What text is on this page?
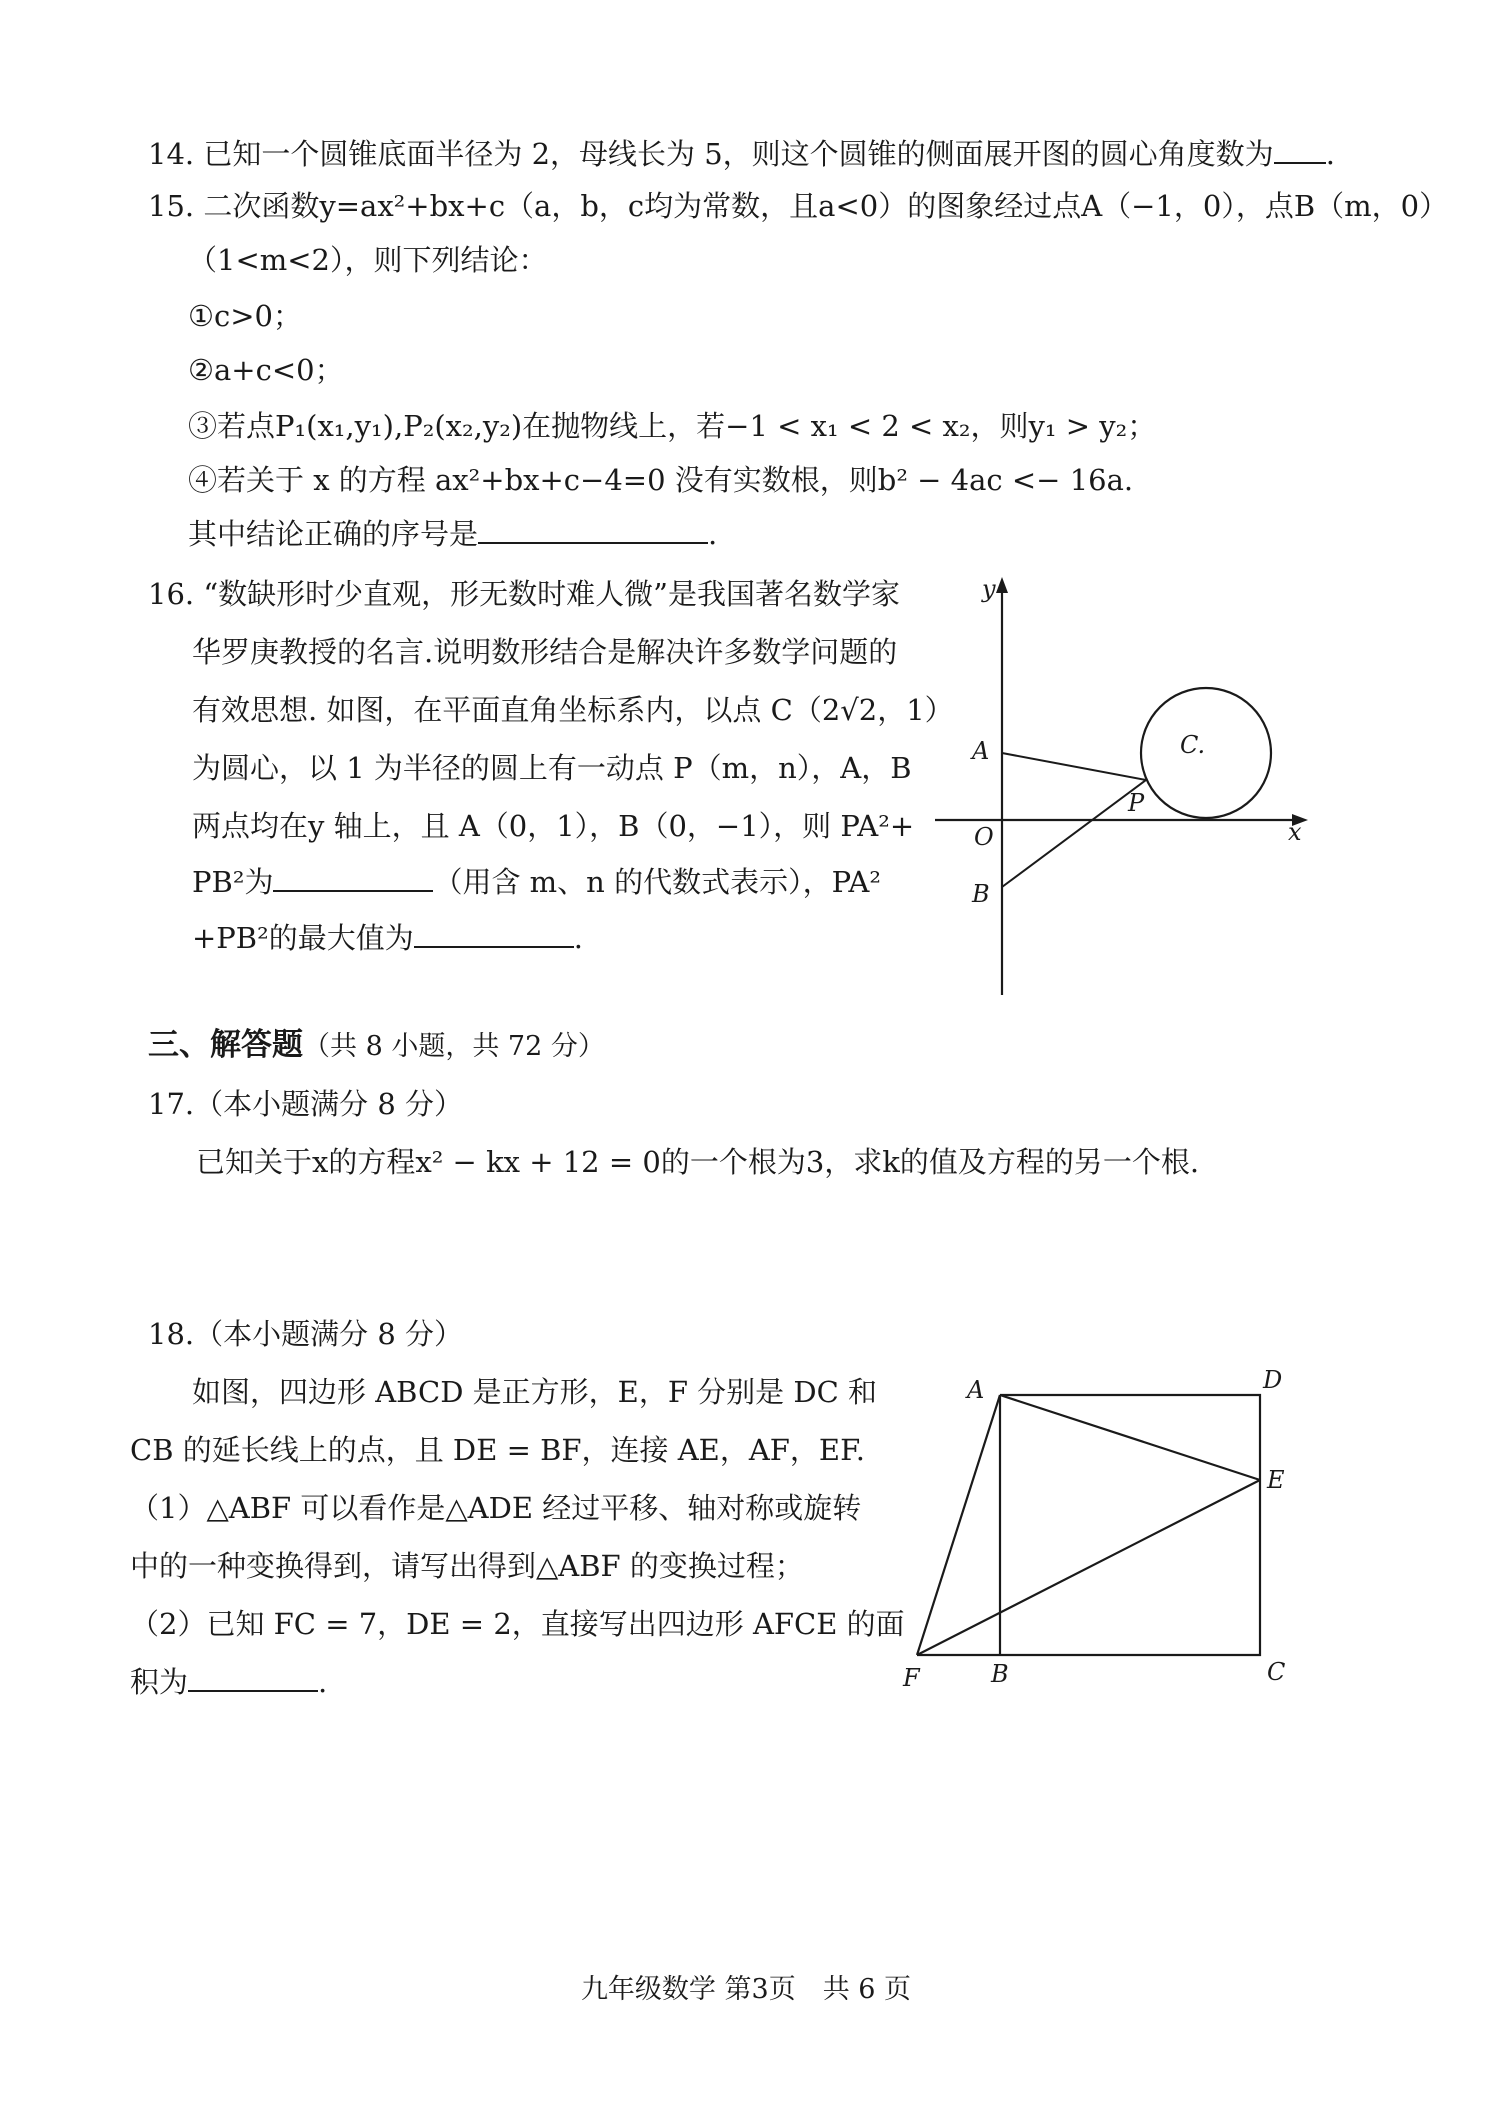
14. 已知一个圆锥底面半径为 2，母线长为 5，则这个圆锥的侧面展开图的圆心角度数为 .
15. 二次函数y=ax²+bx+c（a，b，c均为常数，且a<0）的图象经过点A（−1，0），点B（m，0）
（1<m<2），则下列结论：
①c>0；
②a+c<0；
③若点P₁(x₁,y₁),P₂(x₂,y₂)在抛物线上，若−1 < x₁ < 2 < x₂，则y₁ > y₂；
④若关于 x 的方程 ax²+bx+c−4=0 没有实数根，则b² − 4ac <− 16a.
其中结论正确的序号是	.
16. “数缺形时少直观，形无数时难人微”是我国著名数学家
华罗庚教授的名言.说明数形结合是解决许多数学问题的
有效思想. 如图，在平面直角坐标系内，以点 C（2√2，1）
为圆心，以 1 为半径的圆上有一动点 P（m，n），A，B
两点均在y 轴上，且 A（0，1），B（0，−1），则 PA²+
PB²为	（用含 m、n 的代数式表示），PA²
+PB²的最大值为	.
y
x
O
A
B
C.
P
三、解答题（共 8 小题，共 72 分）
17.（本小题满分 8 分）
已知关于x的方程x² − kx + 12 = 0的一个根为3，求k的值及方程的另一个根.
18.（本小题满分 8 分）
如图，四边形 ABCD 是正方形，E，F 分别是 DC 和
CB 的延长线上的点，且 DE = BF，连接 AE，AF，EF.
（1）△ABF 可以看作是△ADE 经过平移、轴对称或旋转
中的一种变换得到，请写出得到△ABF 的变换过程；
（2）已知 FC = 7，DE = 2，直接写出四边形 AFCE 的面
积为	.
A	D
E
C
B
F
九年级数学 第3页　共 6 页
